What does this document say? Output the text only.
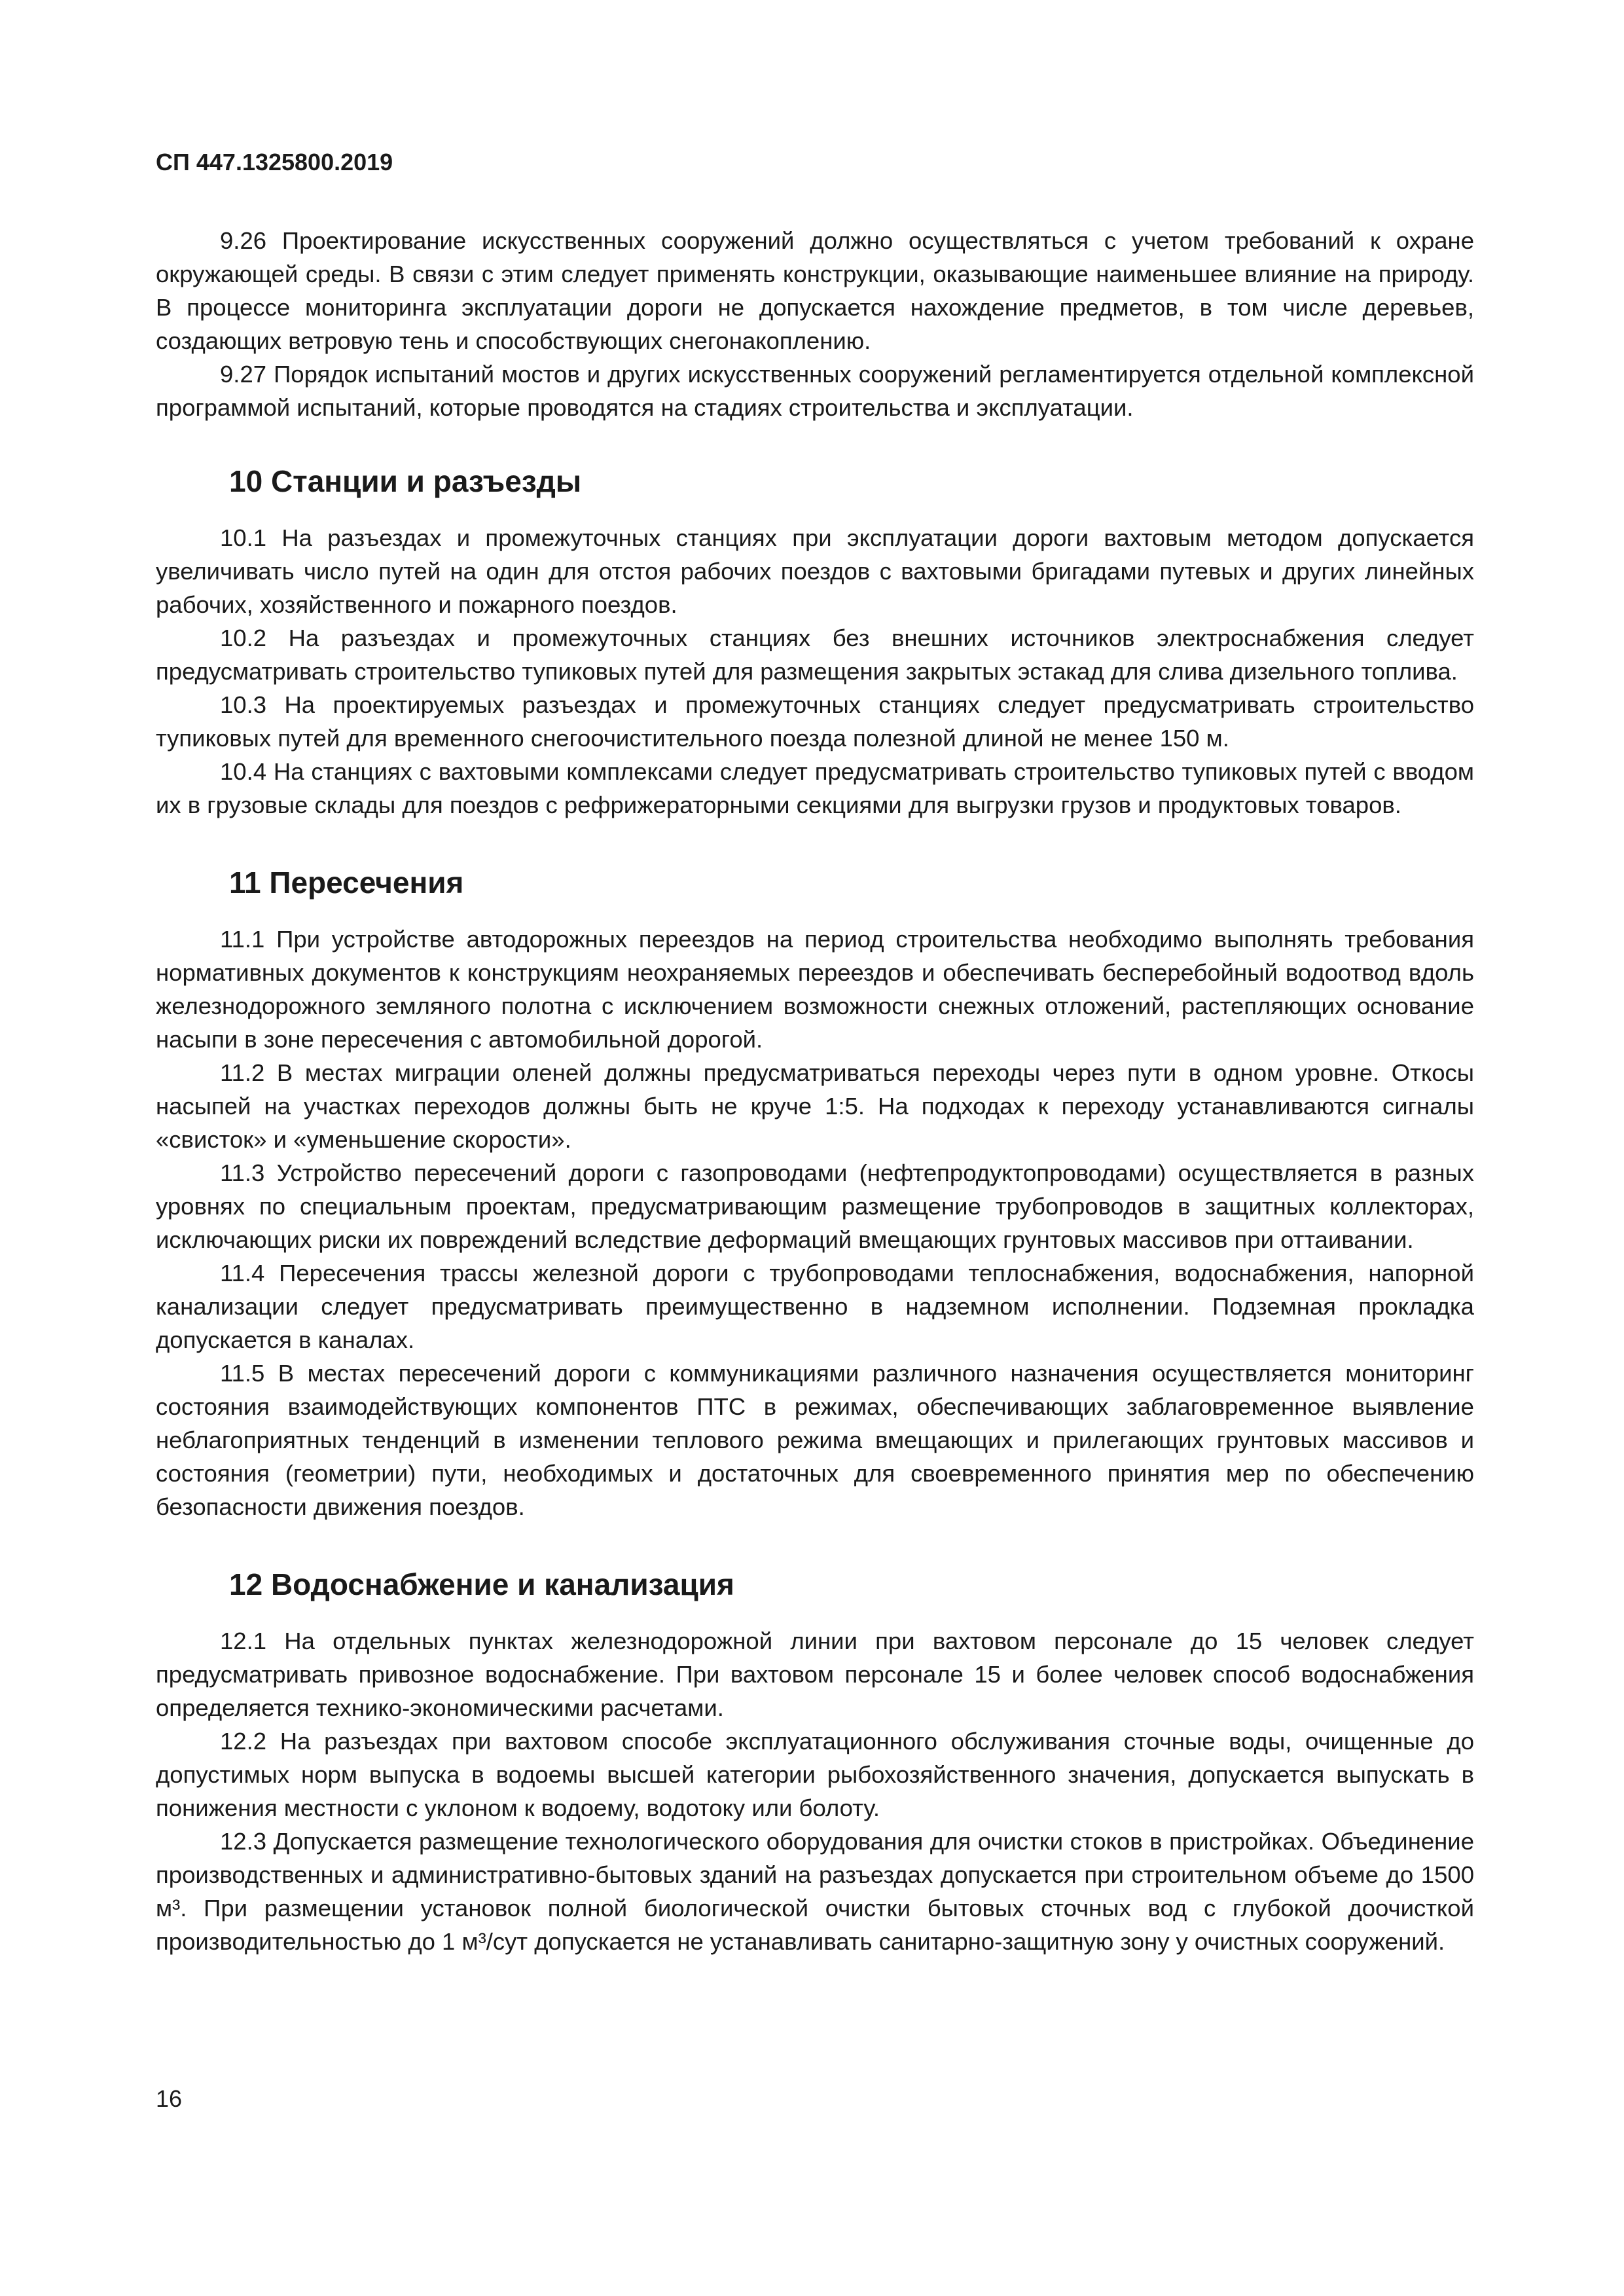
СП 447.1325800.2019

9.26 Проектирование искусственных сооружений должно осуществляться с учетом требований к охране окружающей среды. В связи с этим следует применять конструкции, оказывающие наименьшее влияние на природу. В процессе мониторинга эксплуатации дороги не допускается нахождение предметов, в том числе деревьев, создающих ветровую тень и способствующих снегонакоплению.

9.27 Порядок испытаний мостов и других искусственных сооружений регламентируется отдельной комплексной программой испытаний, которые проводятся на стадиях строительства и эксплуатации.

10 Станции и разъезды

10.1 На разъездах и промежуточных станциях при эксплуатации дороги вахтовым методом допускается увеличивать число путей на один для отстоя рабочих поездов с вахтовыми бригадами путевых и других линейных рабочих, хозяйственного и пожарного поездов.

10.2 На разъездах и промежуточных станциях без внешних источников электроснабжения следует предусматривать строительство тупиковых путей для размещения закрытых эстакад для слива дизельного топлива.

10.3 На проектируемых разъездах и промежуточных станциях следует предусматривать строительство тупиковых путей для временного снегоочистительного поезда полезной длиной не менее 150 м.

10.4 На станциях с вахтовыми комплексами следует предусматривать строительство тупиковых путей с вводом их в грузовые склады для поездов с рефрижераторными секциями для выгрузки грузов и продуктовых товаров.

11 Пересечения

11.1 При устройстве автодорожных переездов на период строительства необходимо выполнять требования нормативных документов к конструкциям неохраняемых переездов и обеспечивать бесперебойный водоотвод вдоль железнодорожного земляного полотна с исключением возможности снежных отложений, растепляющих основание насыпи в зоне пересечения с автомобильной дорогой.

11.2 В местах миграции оленей должны предусматриваться переходы через пути в одном уровне. Откосы насыпей на участках переходов должны быть не круче 1:5. На подходах к переходу устанавливаются сигналы «свисток» и «уменьшение скорости».

11.3 Устройство пересечений дороги с газопроводами (нефтепродуктопроводами) осуществляется в разных уровнях по специальным проектам, предусматривающим размещение трубопроводов в защитных коллекторах, исключающих риски их повреждений вследствие деформаций вмещающих грунтовых массивов при оттаивании.

11.4 Пересечения трассы железной дороги с трубопроводами теплоснабжения, водоснабжения, напорной канализации следует предусматривать преимущественно в надземном исполнении. Подземная прокладка допускается в каналах.

11.5 В местах пересечений дороги с коммуникациями различного назначения осуществляется мониторинг состояния взаимодействующих компонентов ПТС в режимах, обеспечивающих заблаговременное выявление неблагоприятных тенденций в изменении теплового режима вмещающих и прилегающих грунтовых массивов и состояния (геометрии) пути, необходимых и достаточных для своевременного принятия мер по обеспечению безопасности движения поездов.

12 Водоснабжение и канализация

12.1 На отдельных пунктах железнодорожной линии при вахтовом персонале до 15 человек следует предусматривать привозное водоснабжение. При вахтовом персонале 15 и более человек способ водоснабжения определяется технико-экономическими расчетами.

12.2 На разъездах при вахтовом способе эксплуатационного обслуживания сточные воды, очищенные до допустимых норм выпуска в водоемы высшей категории рыбохозяйственного значения, допускается выпускать в понижения местности с уклоном к водоему, водотоку или болоту.

12.3 Допускается размещение технологического оборудования для очистки стоков в пристройках. Объединение производственных и административно-бытовых зданий на разъездах допускается при строительном объеме до 1500 м³. При размещении установок полной биологической очистки бытовых сточных вод с глубокой доочисткой производительностью до 1 м³/сут допускается не устанавливать санитарно-защитную зону у очистных сооружений.

16
